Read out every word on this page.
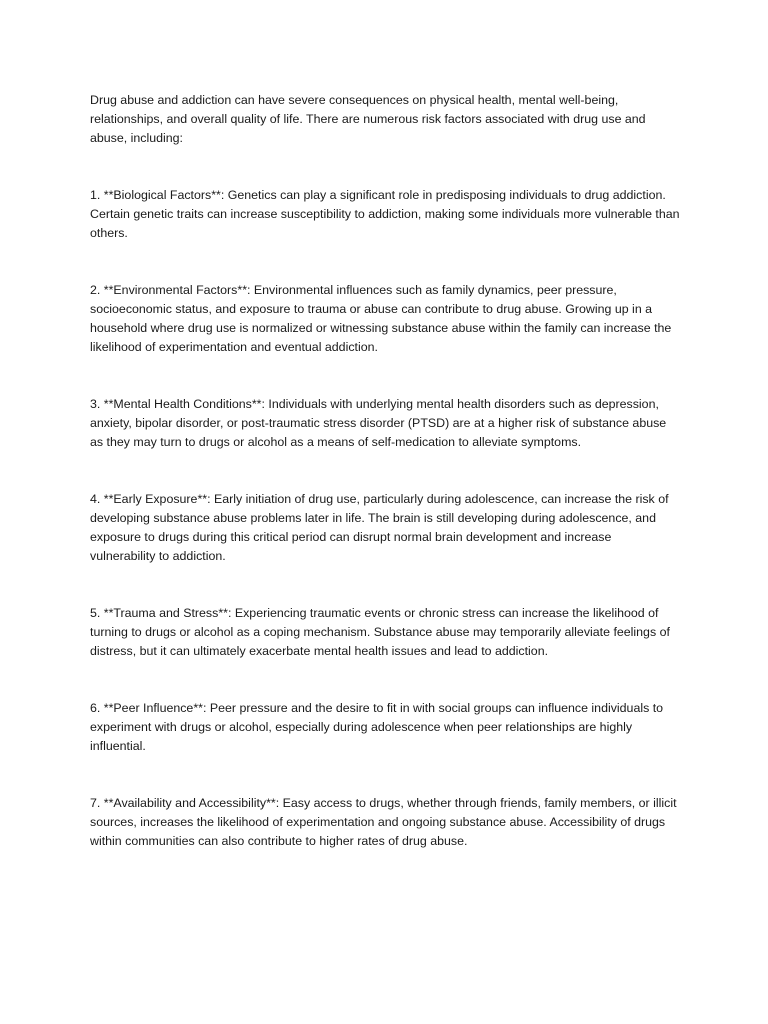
Drug abuse and addiction can have severe consequences on physical health, mental well-being, relationships, and overall quality of life. There are numerous risk factors associated with drug use and abuse, including:

1. **Biological Factors**: Genetics can play a significant role in predisposing individuals to drug addiction. Certain genetic traits can increase susceptibility to addiction, making some individuals more vulnerable than others.

2. **Environmental Factors**: Environmental influences such as family dynamics, peer pressure, socioeconomic status, and exposure to trauma or abuse can contribute to drug abuse. Growing up in a household where drug use is normalized or witnessing substance abuse within the family can increase the likelihood of experimentation and eventual addiction.

3. **Mental Health Conditions**: Individuals with underlying mental health disorders such as depression, anxiety, bipolar disorder, or post-traumatic stress disorder (PTSD) are at a higher risk of substance abuse as they may turn to drugs or alcohol as a means of self-medication to alleviate symptoms.

4. **Early Exposure**: Early initiation of drug use, particularly during adolescence, can increase the risk of developing substance abuse problems later in life. The brain is still developing during adolescence, and exposure to drugs during this critical period can disrupt normal brain development and increase vulnerability to addiction.

5. **Trauma and Stress**: Experiencing traumatic events or chronic stress can increase the likelihood of turning to drugs or alcohol as a coping mechanism. Substance abuse may temporarily alleviate feelings of distress, but it can ultimately exacerbate mental health issues and lead to addiction.

6. **Peer Influence**: Peer pressure and the desire to fit in with social groups can influence individuals to experiment with drugs or alcohol, especially during adolescence when peer relationships are highly influential.

7. **Availability and Accessibility**: Easy access to drugs, whether through friends, family members, or illicit sources, increases the likelihood of experimentation and ongoing substance abuse. Accessibility of drugs within communities can also contribute to higher rates of drug abuse.
